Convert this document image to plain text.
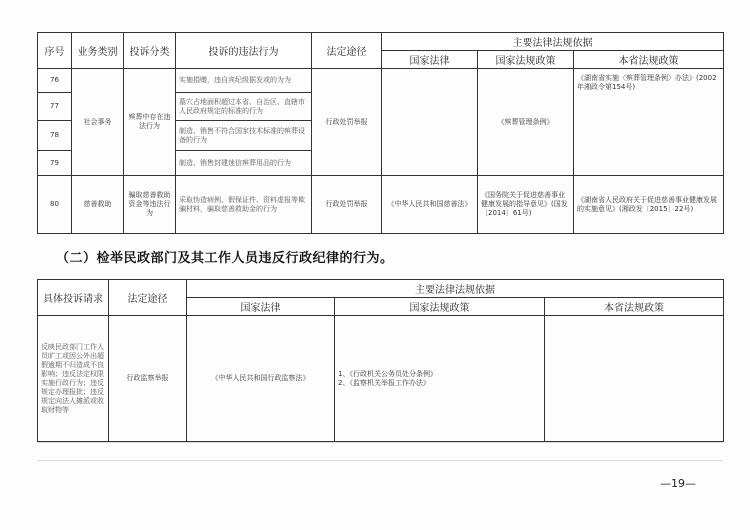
序号	业务类别	投诉分类	投诉的违法行为	法定途径	主要法律法规依据		
					国家法律	国家法规政策	本省法规政策
76	社会事务	殡葬中存在违法行为	实施捐赠，违自宾纪级据发或的为为	行政处罚举报		《殡葬管理条例》	《湖南省实施〈殡葬管理条例〉办法》(2002年湘政令第154号)
77			墓穴占地面积超过本省、自治区、直辖市人民政府规定的标准的行为				
78			制造、销售不符合国家技术标准的殡葬设备的行为				
79			制造、销售封建迷信殡葬用品的行为				
80	慈善救助	骗取慈善救助资金等违法行为	采取伪造病例、假保证件、资料虚报等欺骗材料，骗取慈善救助金的行为	行政处罚举报	《中华人民共和国慈善法》	《国务院关于促进慈善事业健康发展的指导意见》(国发〔2014〕61号)	《湖南省人民政府关于促进慈善事业健康发展的实施意见》(湘政发〔2015〕22号)
（二）检举民政部门及其工作人员违反行政纪律的行为。
具体投诉请求	法定途径	主要法律法规依据		
		国家法律	国家法规政策	本省法规政策
反映民政部门工作人员旷工或因公外出超假逾期不归造成不良影响；违反法定权限实施行政行为；违反规定办理报批；违反规定向法人摊派或收取财物等	行政监察举报	《中华人民共和国行政监察法》	1、《行政机关公务员处分条例》
2、《监察机关举报工作办法》	

—19—
